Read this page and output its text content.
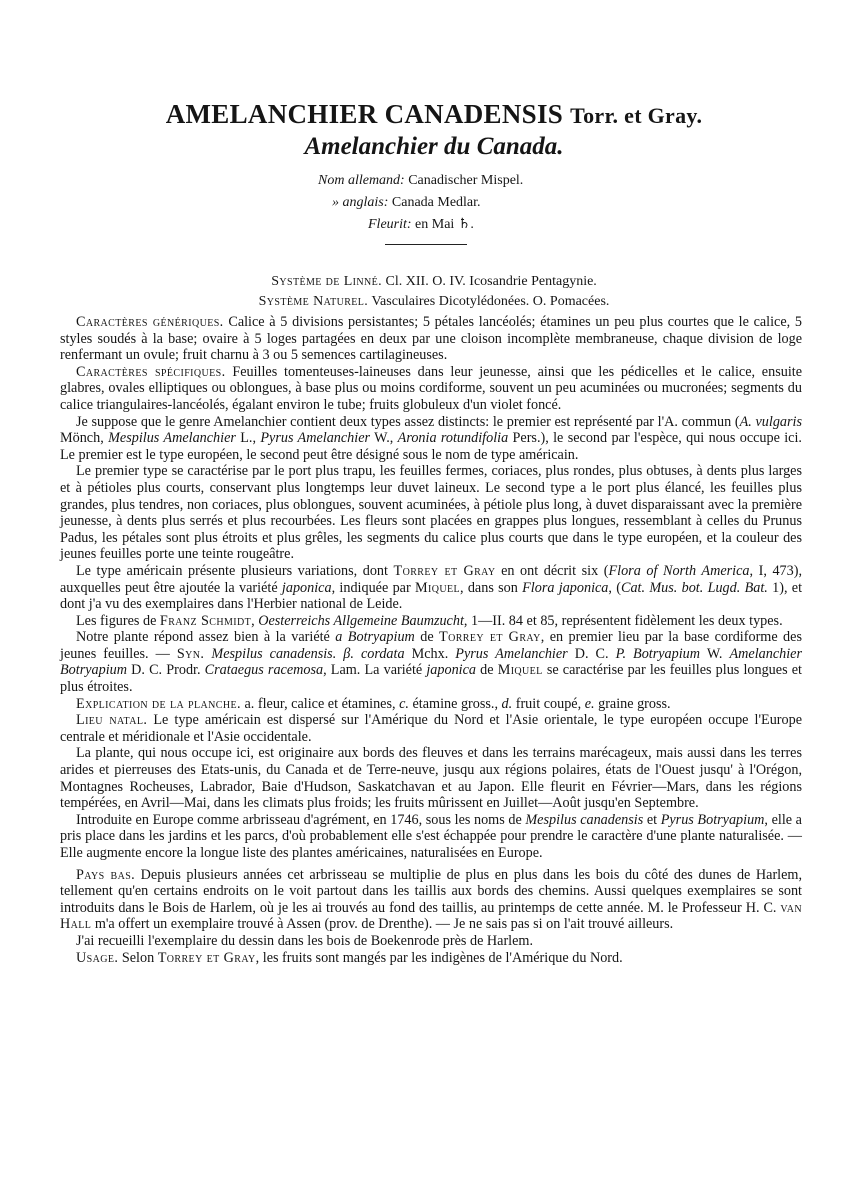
AMELANCHIER CANADENSIS Torr. et Gray.
Amelanchier du Canada.
Nom allemand: Canadischer Mispel.
» anglais: Canada Medlar.
Fleurit: en Mai ♄.
Système de Linné. Cl. XII. O. IV. Icosandrie Pentagynie.
Système Naturel. Vasculaires Dicotylédonées. O. Pomacées.

Caractères génériques. Calice à 5 divisions persistantes; 5 pétales lancéolés; étamines un peu plus courtes que le calice, 5 styles soudés à la base; ovaire à 5 loges partagées en deux par une cloison incomplète membraneuse, chaque division de loge renfermant un ovule; fruit charnu à 3 ou 5 semences cartilagineuses.

Caractères spécifiques. Feuilles tomenteuses-laineuses dans leur jeunesse, ainsi que les pédicelles et le calice, ensuite glabres, ovales elliptiques ou oblongues, à base plus ou moins cordiforme, souvent un peu acuminées ou mucronées; segments du calice triangulaires-lancéolés, égalant environ le tube; fruits globuleux d'un violet foncé.

Je suppose que le genre Amelanchier contient deux types assez distincts: le premier est représenté par l'A. commun (A. vulgaris Mönch, Mespilus Amelanchier L., Pyrus Amelanchier W., Aronia rotundifolia Pers.), le second par l'espèce, qui nous occupe ici. Le premier est le type européen, le second peut être désigné sous le nom de type américain.

Le premier type se caractérise par le port plus trapu, les feuilles fermes, coriaces, plus rondes, plus obtuses, à dents plus larges et à pétioles plus courts, conservant plus longtemps leur duvet laineux. Le second type a le port plus élancé, les feuilles plus grandes, plus tendres, non coriaces, plus oblongues, souvent acuminées, à pétiole plus long, à duvet disparaissant avec la première jeunesse, à dents plus serrés et plus recourbées. Les fleurs sont placées en grappes plus longues, ressemblant à celles du Prunus Padus, les pétales sont plus étroits et plus grêles, les segments du calice plus courts que dans le type européen, et la couleur des jeunes feuilles porte une teinte rougeâtre.

Le type américain présente plusieurs variations, dont Torrey et Gray en ont décrit six (Flora of North America, I, 473), auxquelles peut être ajoutée la variété japonica, indiquée par Miquel, dans son Flora japonica, (Cat. Mus. bot. Lugd. Bat. 1), et dont j'a vu des exemplaires dans l'Herbier national de Leide.

Les figures de Franz Schmidt, Oesterreichs Allgemeine Baumzucht, 1—II. 84 et 85, représentent fidèlement les deux types.

Notre plante répond assez bien à la variété a Botryapium de Torrey et Gray, en premier lieu par la base cordiforme des jeunes feuilles. — Syn. Mespilus canadensis. β. cordata Mchx. Pyrus Amelanchier D. C. P. Botryapium W. Amelanchier Botryapium D. C. Prodr. Crataegus racemosa, Lam. La variété japonica de Miquel se caractérise par les feuilles plus longues et plus étroites.

Explication de la planche. a. fleur, calice et étamines, c. étamine gross., d. fruit coupé, e. graine gross.

Lieu natal. Le type américain est dispersé sur l'Amérique du Nord et l'Asie orientale, le type européen occupe l'Europe centrale et méridionale et l'Asie occidentale.

La plante, qui nous occupe ici, est originaire aux bords des fleuves et dans les terrains marécageux, mais aussi dans les terres arides et pierreuses des Etats-unis, du Canada et de Terre-neuve, jusqu aux régions polaires, états de l'Ouest jusqu' à l'Orégon, Montagnes Rocheuses, Labrador, Baie d'Hudson, Saskatchavan et au Japon. Elle fleurit en Février—Mars, dans les régions tempérées, en Avril—Mai, dans les climats plus froids; les fruits mûrissent en Juillet—Août jusqu'en Septembre.

Introduite en Europe comme arbrisseau d'agrément, en 1746, sous les noms de Mespilus canadensis et Pyrus Botryapium, elle a pris place dans les jardins et les parcs, d'où probablement elle s'est échappée pour prendre le caractère d'une plante naturalisée. — Elle augmente encore la longue liste des plantes américaines, naturalisées en Europe.

Pays bas. Depuis plusieurs années cet arbrisseau se multiplie de plus en plus dans les bois du côté des dunes de Harlem, tellement qu'en certains endroits on le voit partout dans les taillis aux bords des chemins. Aussi quelques exemplaires se sont introduits dans le Bois de Harlem, où je les ai trouvés au fond des taillis, au printemps de cette année. M. le Professeur H. C. van Hall m'a offert un exemplaire trouvé à Assen (prov. de Drenthe). — Je ne sais pas si on l'ait trouvé ailleurs.

J'ai recueilli l'exemplaire du dessin dans les bois de Boekenrode près de Harlem.

Usage. Selon Torrey et Gray, les fruits sont mangés par les indigènes de l'Amérique du Nord.
